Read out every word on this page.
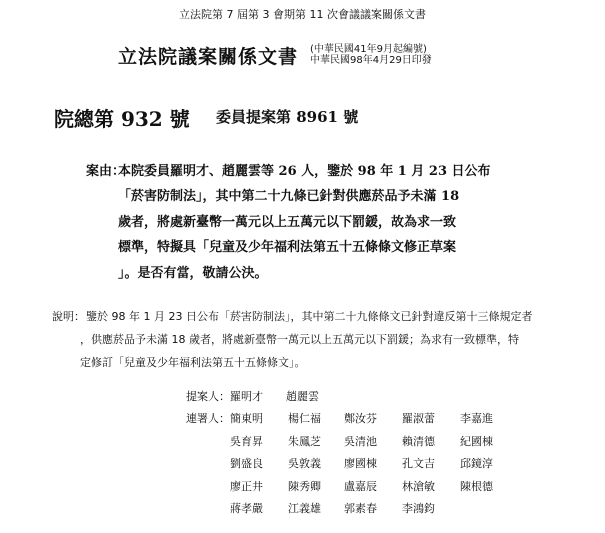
立法院第 7 屆第 3 會期第 11 次會議議案關係文書
立法院議案關係文書 (中華民國41年9月起編號)
中華民國98年4月29日印發
院總第 932 號 委員提案第 8961 號
案由：
本院委員羅明才、趙麗雲等 26 人，鑒於 98 年 1 月 23 日公布
「菸害防制法」，其中第二十九條已針對供應菸品予未滿 18
歲者，將處新臺幣一萬元以上五萬元以下罰鍰，故為求一致
標準，特擬具「兒童及少年福利法第五十五條條文修正草案
」。是否有當，敬請公決。
說明： 鑒於 98 年 1 月 23 日公布「菸害防制法」，其中第二十九條條文已針對違反第十三條規定者
，供應菸品予未滿 18 歲者，將處新臺幣一萬元以上五萬元以下罰鍰；為求有一致標準，特
定修訂「兒童及少年福利法第五十五條條文」。
提案人： 羅明才 趙麗雲
連署人： 簡東明 楊仁福 鄭汝芬 羅淑蕾 李嘉進
吳育昇 朱鳳芝 吳清池 賴清德 紀國棟
劉盛良 吳敦義 廖國棟 孔文吉 邱鏡淳
廖正井 陳秀卿 盧嘉辰 林滄敏 陳根德
蔣孝嚴 江義雄 郭素春 李鴻鈞
